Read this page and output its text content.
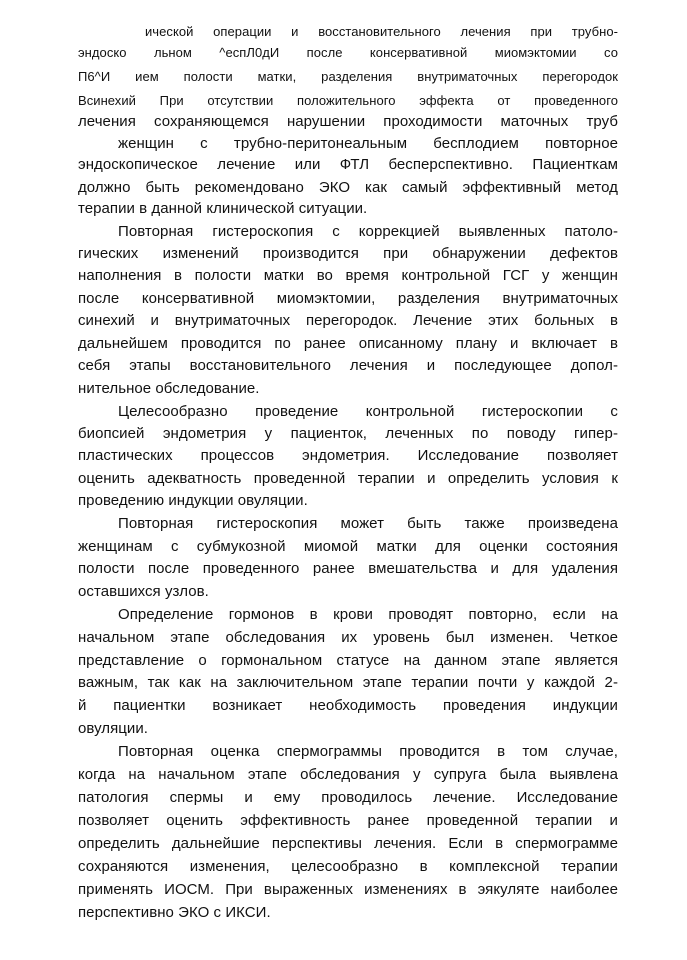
ической операции и восстановительного лечения при трубно-
эндоско льном ^еспЛ0дИ после консервативной миомэктомии со
П6^И ием полости матки, разделения внутриматочных перегородок
Всинехий При отсутствии положительного эффекта от проведенного
лечения сохраняющемся нарушении проходимости маточных труб
женщин с трубно-перитонеальным бесплодием повторное
эндоскопическое лечение или ФТЛ бесперспективно. Пациенткам
должно быть рекомендовано ЭКО как самый эффективный метод
терапии в данной клинической ситуации.
Повторная гистероскопия с коррекцией выявленных патоло-
гических изменений производится при обнаружении дефектов
наполнения в полости матки во время контрольной ГСГ у женщин
после консервативной миомэктомии, разделения внутриматочных
синехий и внутриматочных перегородок. Лечение этих больных в
дальнейшем проводится по ранее описанному плану и включает в
себя этапы восстановительного лечения и последующее допол-
нительное обследование.
Целесообразно проведение контрольной гистероскопии с
биопсией эндометрия у пациенток, леченных по поводу гипер-
пластических процессов эндометрия. Исследование позволяет
оценить адекватность проведенной терапии и определить условия к
проведению индукции овуляции.
Повторная гистероскопия может быть также произведена
женщинам с субмукозной миомой матки для оценки состояния
полости после проведенного ранее вмешательства и для удаления
оставшихся узлов.
Определение гормонов в крови проводят повторно, если на
начальном этапе обследования их уровень был изменен. Четкое
представление о гормональном статусе на данном этапе является
важным, так как на заключительном этапе терапии почти у каждой 2-
й пациентки возникает необходимость проведения индукции
овуляции.
Повторная оценка спермограммы проводится в том случае,
когда на начальном этапе обследования у супруга была выявлена
патология спермы и ему проводилось лечение. Исследование
позволяет оценить эффективность ранее проведенной терапии и
определить дальнейшие перспективы лечения. Если в спермограмме
сохраняются изменения, целесообразно в комплексной терапии
применять ИОСМ. При выраженных изменениях в эякуляте наиболее
перспективно ЭКО с ИКСИ.
